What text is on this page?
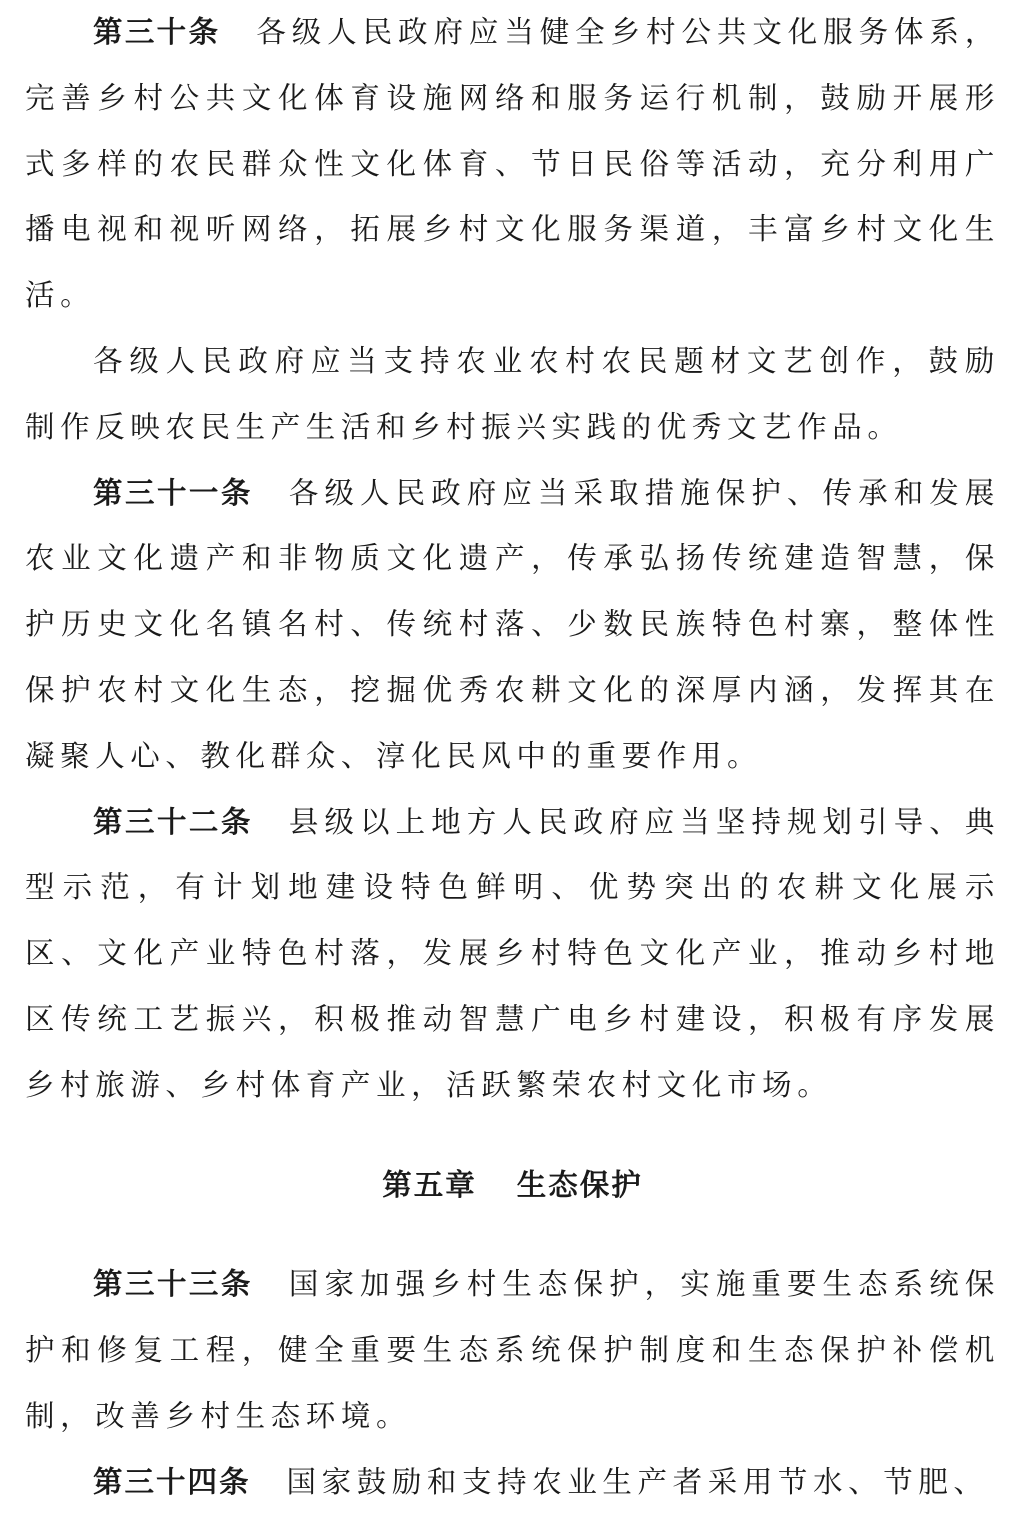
第三十条 各级人民政府应当健全乡村公共文化服务体系，完善乡村公共文化体育设施网络和服务运行机制，鼓励开展形式多样的农民群众性文化体育、节日民俗等活动，充分利用广播电视和视听网络，拓展乡村文化服务渠道，丰富乡村文化生活。

各级人民政府应当支持农业农村农民题材文艺创作，鼓励制作反映农民生产生活和乡村振兴实践的优秀文艺作品。

第三十一条 各级人民政府应当采取措施保护、传承和发展农业文化遗产和非物质文化遗产，传承弘扬传统建造智慧，保护历史文化名镇名村、传统村落、少数民族特色村寨，整体性保护农村文化生态，挖掘优秀农耕文化的深厚内涵，发挥其在凝聚人心、教化群众、淳化民风中的重要作用。

第三十二条 县级以上地方人民政府应当坚持规划引导、典型示范，有计划地建设特色鲜明、优势突出的农耕文化展示区、文化产业特色村落，发展乡村特色文化产业，推动乡村地区传统工艺振兴，积极推动智慧广电乡村建设，积极有序发展乡村旅游、乡村体育产业，活跃繁荣农村文化市场。

第五章 生态保护

第三十三条 国家加强乡村生态保护，实施重要生态系统保护和修复工程，健全重要生态系统保护制度和生态保护补偿机制，改善乡村生态环境。

第三十四条 国家鼓励和支持农业生产者采用节水、节肥、
